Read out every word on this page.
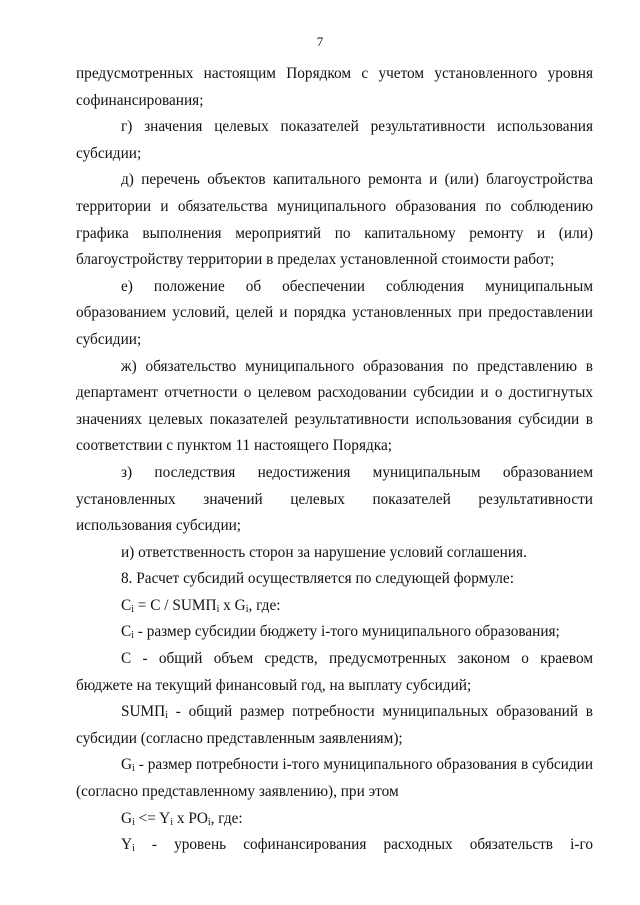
7

предусмотренных настоящим Порядком с учетом установленного уровня софинансирования;

г) значения целевых показателей результативности использования субсидии;

д) перечень объектов капитального ремонта и (или) благоустройства территории и обязательства муниципального образования по соблюдению графика выполнения мероприятий по капитальному ремонту и (или) благоустройству территории в пределах установленной стоимости работ;

е) положение об обеспечении соблюдения муниципальным образованием условий, целей и порядка установленных при предоставлении субсидии;

ж) обязательство муниципального образования по представлению в департамент отчетности о целевом расходовании субсидии и о достигнутых значениях целевых показателей результативности использования субсидии в соответствии с пунктом 11 настоящего Порядка;

з) последствия недостижения муниципальным образованием установленных значений целевых показателей результативности использования субсидии;

и) ответственность сторон за нарушение условий соглашения.

8. Расчет субсидий осуществляется по следующей формуле:

$C_i = C$ / $SUMП_i$ x $G_i$, где:

$C_i$ - размер субсидии бюджету i-того муниципального образования;

C - общий объем средств, предусмотренных законом о краевом бюджете на текущий финансовый год, на выплату субсидий;

$SUMП_i$ - общий размер потребности муниципальных образований в субсидии (согласно представленным заявлениям);

$G_i$ - размер потребности i-того муниципального образования в субсидии (согласно представленному заявлению), при этом

$G_i <= Y_i$ x $PO_i$, где:

$Y_i$ - уровень софинансирования расходных обязательств i-го
